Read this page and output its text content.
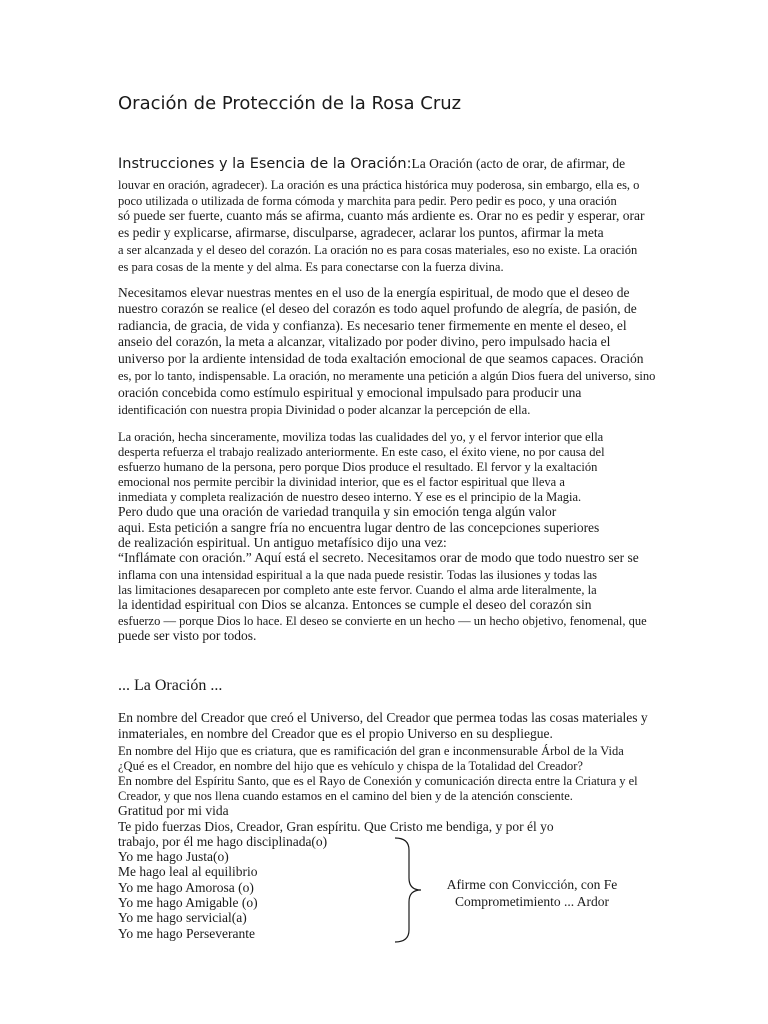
Oración de Protección de la Rosa Cruz
Instrucciones y la Esencia de la Oración:La Oración (acto de orar, de afirmar, de
louvar en oración, agradecer). La oración es una práctica histórica muy poderosa, sin embargo, ella es, o
poco utilizada o utilizada de forma cómoda y marchita para pedir. Pero pedir es poco, y una oración
só puede ser fuerte, cuanto más se afirma, cuanto más ardiente es. Orar no es pedir y esperar, orar
es pedir y explicarse, afirmarse, disculparse, agradecer, aclarar los puntos, afirmar la meta
a ser alcanzada y el deseo del corazón. La oración no es para cosas materiales, eso no existe. La oración
es para cosas de la mente y del alma. Es para conectarse con la fuerza divina.
Necesitamos elevar nuestras mentes en el uso de la energía espiritual, de modo que el deseo de
nuestro corazón se realice (el deseo del corazón es todo aquel profundo de alegría, de pasión, de
radiancia, de gracia, de vida y confianza). Es necesario tener firmemente en mente el deseo, el
anseio del corazón, la meta a alcanzar, vitalizado por poder divino, pero impulsado hacia el
universo por la ardiente intensidad de toda exaltación emocional de que seamos capaces. Oración
es, por lo tanto, indispensable. La oración, no meramente una petición a algún Dios fuera del universo, sino
oración concebida como estímulo espiritual y emocional impulsado para producir una
identificación con nuestra propia Divinidad o poder alcanzar la percepción de ella.
La oración, hecha sinceramente, moviliza todas las cualidades del yo, y el fervor interior que ella
desperta refuerza el trabajo realizado anteriormente. En este caso, el éxito viene, no por causa del
esfuerzo humano de la persona, pero porque Dios produce el resultado. El fervor y la exaltación
emocional nos permite percibir la divinidad interior, que es el factor espiritual que lleva a
inmediata y completa realización de nuestro deseo interno. Y ese es el principio de la Magia.
Pero dudo que una oración de variedad tranquila y sin emoción tenga algún valor
aqui. Esta petición a sangre fría no encuentra lugar dentro de las concepciones superiores
de realización espiritual. Un antiguo metafísico dijo una vez:
“Inflámate con oración.” Aquí está el secreto. Necesitamos orar de modo que todo nuestro ser se
inflama con una intensidad espiritual a la que nada puede resistir. Todas las ilusiones y todas las
las limitaciones desaparecen por completo ante este fervor. Cuando el alma arde literalmente, la
la identidad espiritual con Dios se alcanza. Entonces se cumple el deseo del corazón sin
esfuerzo — porque Dios lo hace. El deseo se convierte en un hecho — un hecho objetivo, fenomenal, que
puede ser visto por todos.
... La Oración ...
En nombre del Creador que creó el Universo, del Creador que permea todas las cosas materiales y
inmateriales, en nombre del Creador que es el propio Universo en su despliegue.
En nombre del Hijo que es criatura, que es ramificación del gran e inconmensurable Árbol de la Vida
¿Qué es el Creador, en nombre del hijo que es vehículo y chispa de la Totalidad del Creador?
En nombre del Espíritu Santo, que es el Rayo de Conexión y comunicación directa entre la Criatura y el
Creador, y que nos llena cuando estamos en el camino del bien y de la atención consciente.
Gratitud por mi vida
Te pido fuerzas Dios, Creador, Gran espíritu. Que Cristo me bendiga, y por él yo
trabajo, por él me hago disciplinada(o)
Yo me hago Justa(o)
Me hago leal al equilibrio
Yo me hago Amorosa (o)
Yo me hago Amigable (o)
Yo me hago servicial(a)
Yo me hago Perseverante
Afirme con Convicción, con Fe
Comprometimiento ... Ardor
